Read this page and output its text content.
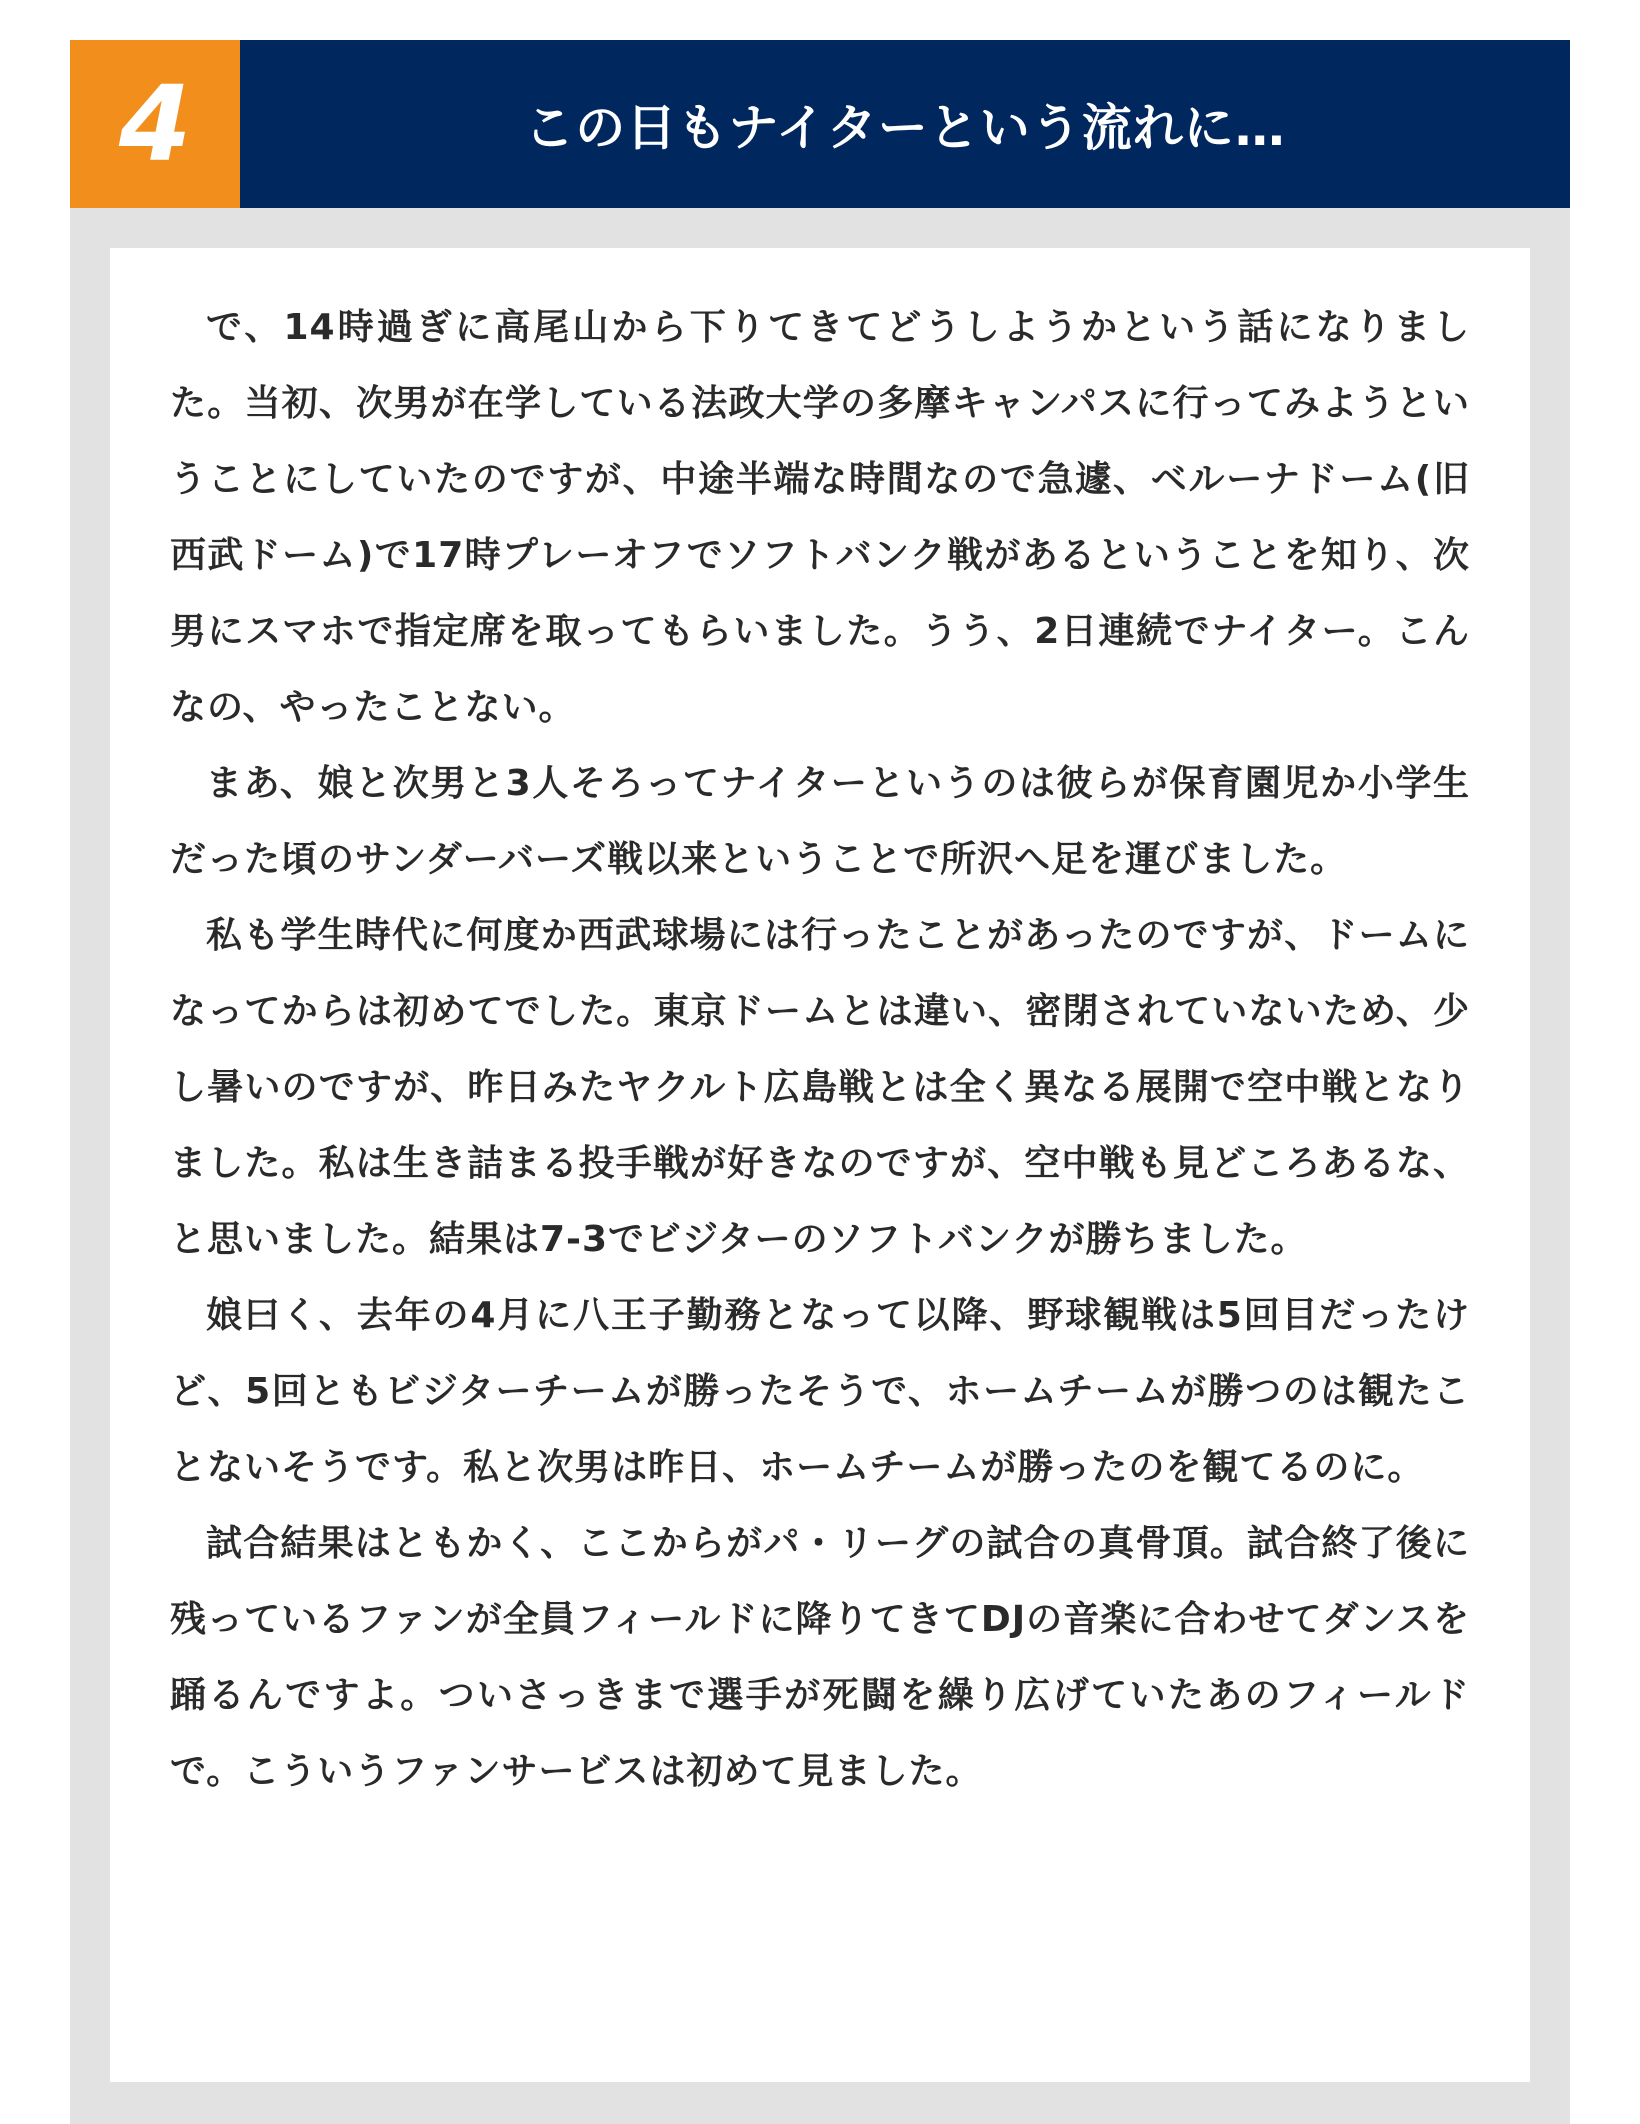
4	この日もナイターという流れに…

で、14時過ぎに高尾山から下りてきてどうしようかという話になりました。当初、次男が在学している法政大学の多摩キャンパスに行ってみようということにしていたのですが、中途半端な時間なので急遽、ベルーナドーム(旧西武ドーム)で17時プレーオフでソフトバンク戦があるということを知り、次男にスマホで指定席を取ってもらいました。うう、2日連続でナイター。こんなの、やったことない。

まあ、娘と次男と3人そろってナイターというのは彼らが保育園児か小学生だった頃のサンダーバーズ戦以来ということで所沢へ足を運びました。

私も学生時代に何度か西武球場には行ったことがあったのですが、ドームになってからは初めてでした。東京ドームとは違い、密閉されていないため、少し暑いのですが、昨日みたヤクルト広島戦とは全く異なる展開で空中戦となりました。私は生き詰まる投手戦が好きなのですが、空中戦も見どころあるな、と思いました。結果は7-3でビジターのソフトバンクが勝ちました。

娘曰く、去年の4月に八王子勤務となって以降、野球観戦は5回目だったけど、5回ともビジターチームが勝ったそうで、ホームチームが勝つのは観たことないそうです。私と次男は昨日、ホームチームが勝ったのを観てるのに。

試合結果はともかく、ここからがパ・リーグの試合の真骨頂。試合終了後に残っているファンが全員フィールドに降りてきてDJの音楽に合わせてダンスを踊るんですよ。ついさっきまで選手が死闘を繰り広げていたあのフィールドで。こういうファンサービスは初めて見ました。
